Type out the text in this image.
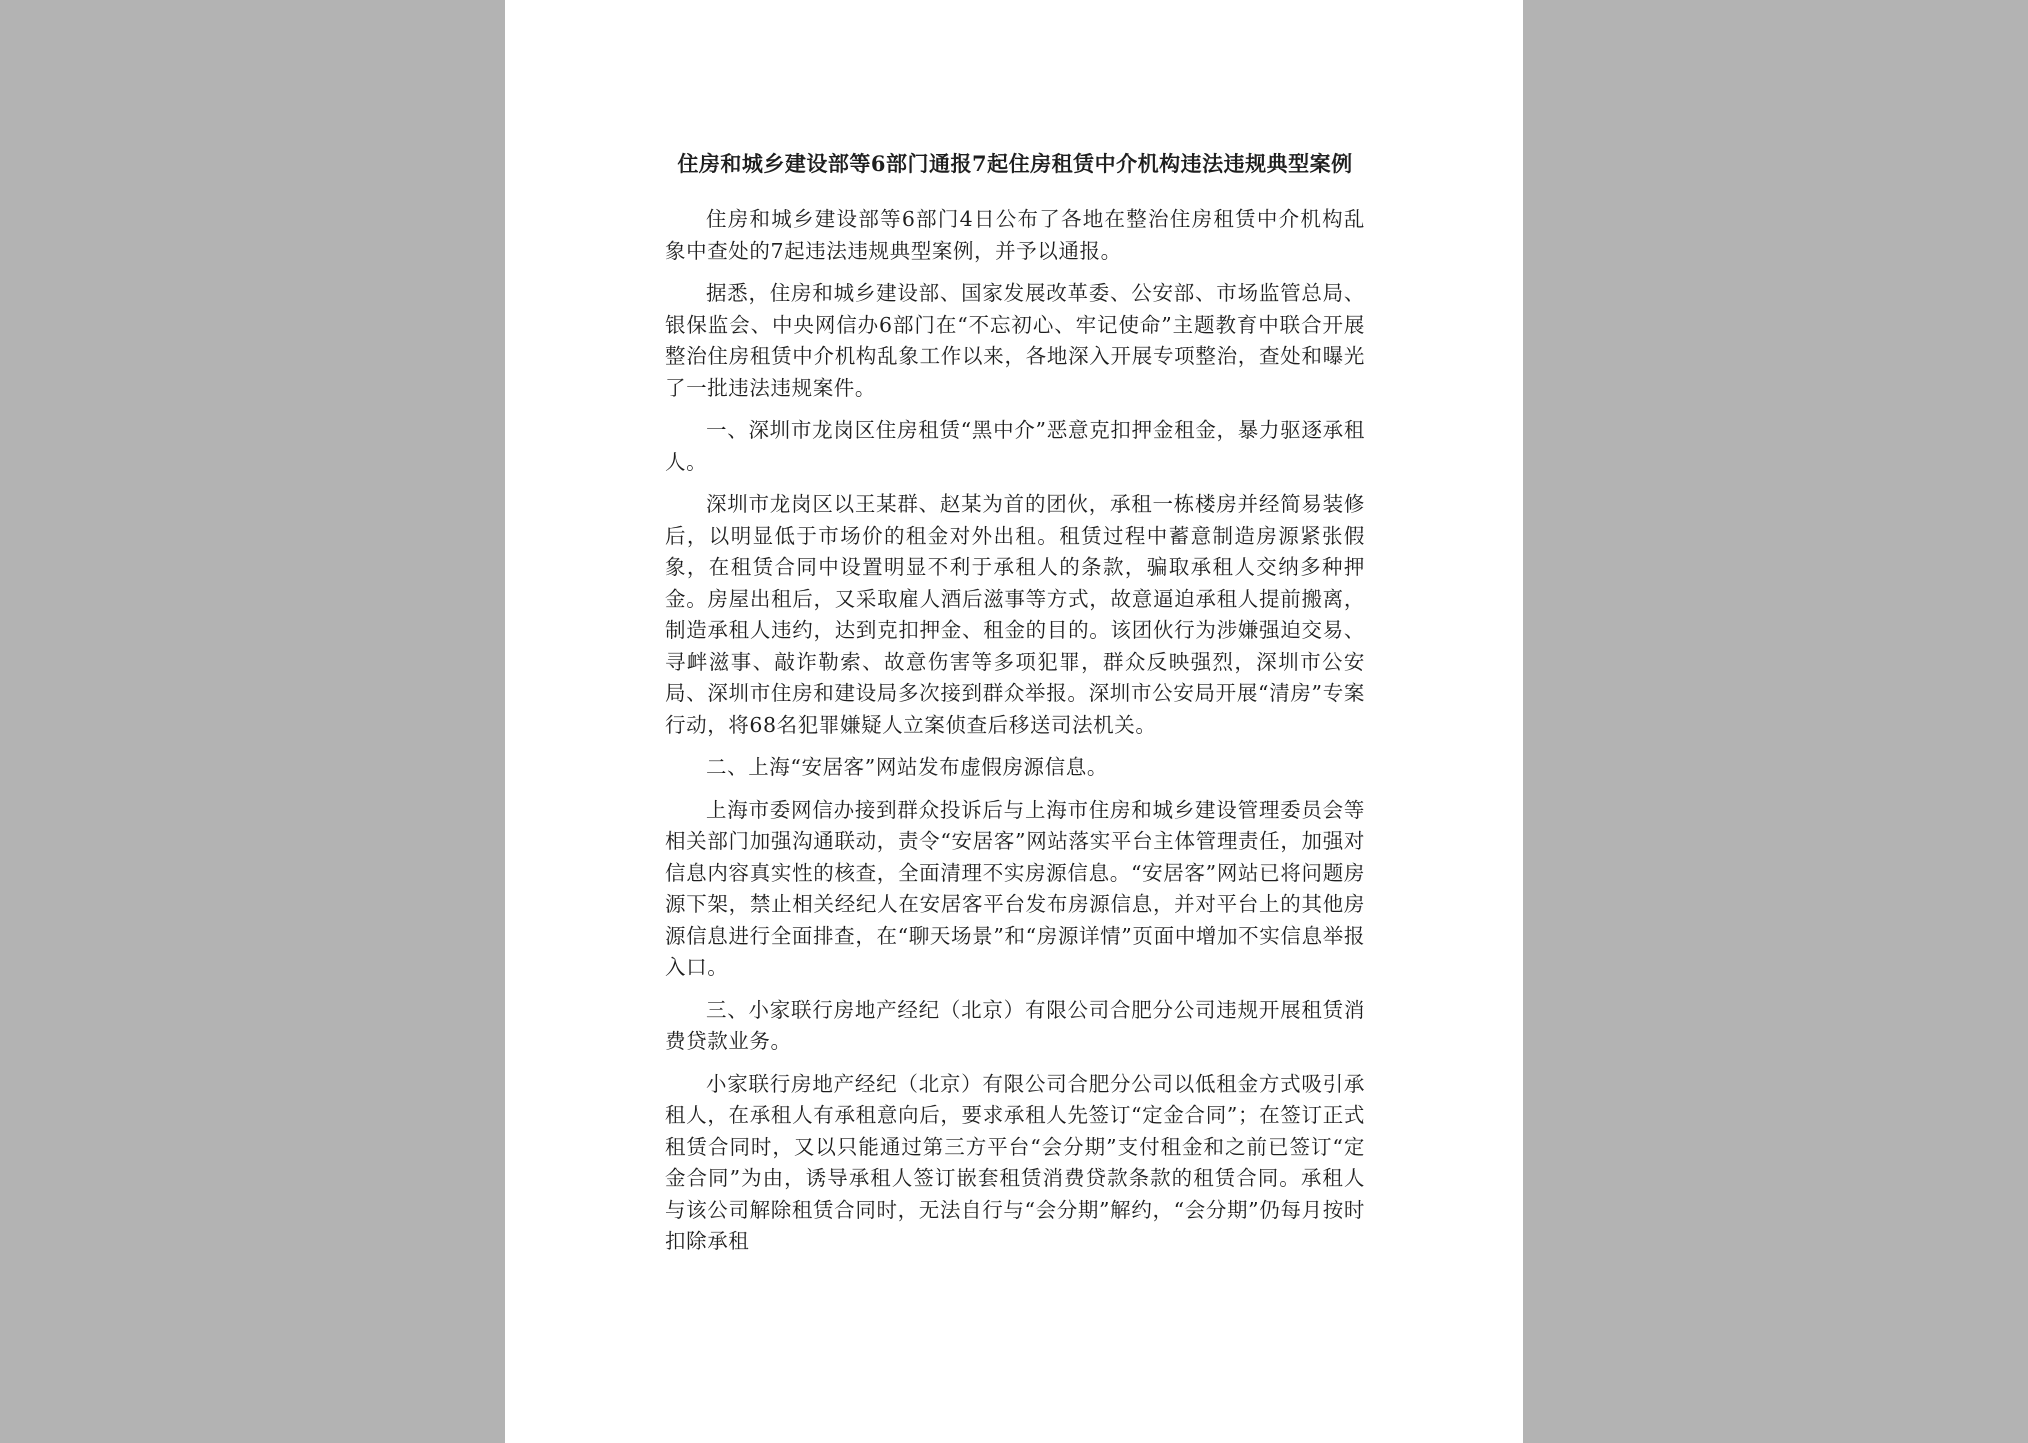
住房和城乡建设部等6部门通报7起住房租赁中介机构违法违规典型案例

住房和城乡建设部等6部门4日公布了各地在整治住房租赁中介机构乱象中查处的7起违法违规典型案例，并予以通报。

据悉，住房和城乡建设部、国家发展改革委、公安部、市场监管总局、银保监会、中央网信办6部门在“不忘初心、牢记使命”主题教育中联合开展整治住房租赁中介机构乱象工作以来，各地深入开展专项整治，查处和曝光了一批违法违规案件。

一、深圳市龙岗区住房租赁“黑中介”恶意克扣押金租金，暴力驱逐承租人。

深圳市龙岗区以王某群、赵某为首的团伙，承租一栋楼房并经简易装修后，以明显低于市场价的租金对外出租。租赁过程中蓄意制造房源紧张假象，在租赁合同中设置明显不利于承租人的条款，骗取承租人交纳多种押金。房屋出租后，又采取雇人酒后滋事等方式，故意逼迫承租人提前搬离，制造承租人违约，达到克扣押金、租金的目的。该团伙行为涉嫌强迫交易、寻衅滋事、敲诈勒索、故意伤害等多项犯罪，群众反映强烈，深圳市公安局、深圳市住房和建设局多次接到群众举报。深圳市公安局开展“清房”专案行动，将68名犯罪嫌疑人立案侦查后移送司法机关。

二、上海“安居客”网站发布虚假房源信息。

上海市委网信办接到群众投诉后与上海市住房和城乡建设管理委员会等相关部门加强沟通联动，责令“安居客”网站落实平台主体管理责任，加强对信息内容真实性的核查，全面清理不实房源信息。“安居客”网站已将问题房源下架，禁止相关经纪人在安居客平台发布房源信息，并对平台上的其他房源信息进行全面排查，在“聊天场景”和“房源详情”页面中增加不实信息举报入口。

三、小家联行房地产经纪（北京）有限公司合肥分公司违规开展租赁消费贷款业务。

小家联行房地产经纪（北京）有限公司合肥分公司以低租金方式吸引承租人，在承租人有承租意向后，要求承租人先签订“定金合同”；在签订正式租赁合同时，又以只能通过第三方平台“会分期”支付租金和之前已签订“定金合同”为由，诱导承租人签订嵌套租赁消费贷款条款的租赁合同。承租人与该公司解除租赁合同时，无法自行与“会分期”解约，“会分期”仍每月按时扣除承租
